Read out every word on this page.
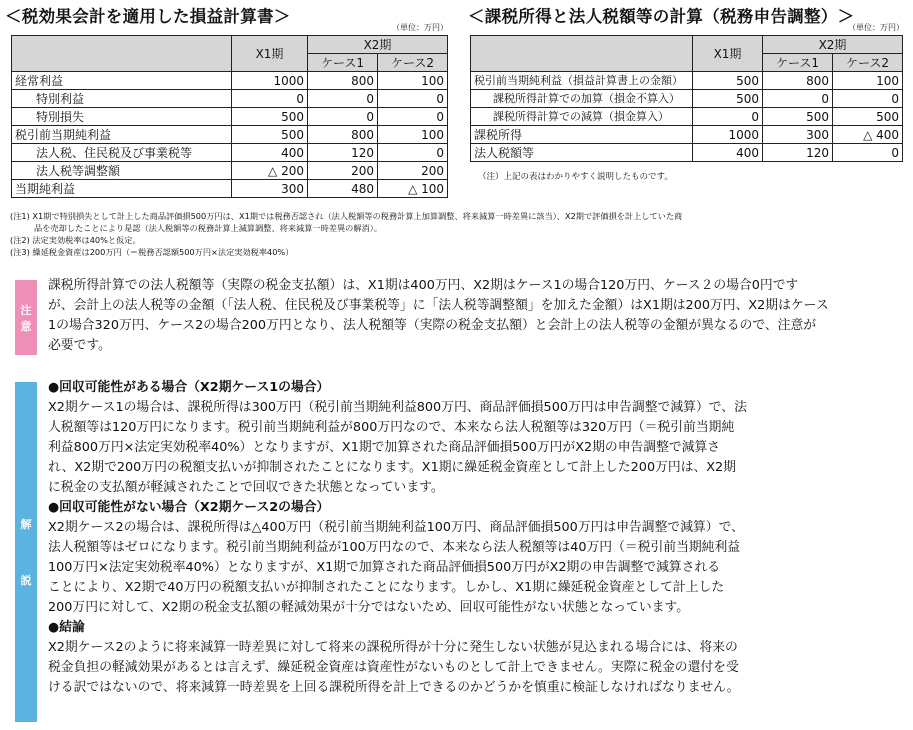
＜税効果会計を適用した損益計算書＞
（単位：万円）
	X1期	X2期	
		ケース1	ケース2
経常利益	1000	800	100
特別利益	0	0	0
特別損失	500	0	0
税引前当期純利益	500	800	100
法人税、住民税及び事業税等	400	120	0
法人税等調整額	△ 200	200	200
当期純利益	300	480	△ 100
＜課税所得と法人税額等の計算（税務申告調整）＞
（単位：万円）
	X1期	X2期	
		ケース1	ケース2
税引前当期純利益（損益計算書上の金額）	500	800	100
課税所得計算での加算（損金不算入）	500	0	0
課税所得計算での減算（損金算入）	0	500	500
課税所得	1000	300	△ 400
法人税額等	400	120	0
（注）上記の表はわかりやすく説明したものです。
(注1) X1期で特別損失として計上した商品評価損500万円は、X1期では税務否認され（法人税額等の税務計算上加算調整、将来減算一時差異に該当）、X2期で評価損を計上していた商
品を売却したことにより是認（法人税額等の税務計算上減算調整、将来減算一時差異の解消）。
(注2) 法定実効税率は40%と仮定。
(注3) 繰延税金資産は200万円（＝税務否認額500万円×法定実効税率40%）
注
意

課税所得計算での法人税額等（実際の税金支払額）は、X1期は400万円、X2期はケース1の場合120万円、ケース２の場合0円です

が、会計上の法人税等の金額（「法人税、住民税及び事業税等」に「法人税等調整額」を加えた金額）はX1期は200万円、X2期はケース

1の場合320万円、ケース2の場合200万円となり、法人税額等（実際の税金支払額）と会計上の法人税等の金額が異なるので、注意が

必要です。

解
説

●回収可能性がある場合（X2期ケース1の場合）

X2期ケース1の場合は、課税所得は300万円（税引前当期純利益800万円、商品評価損500万円は申告調整で減算）で、法

人税額等は120万円になります。税引前当期純利益が800万円なので、本来なら法人税額等は320万円（＝税引前当期純

利益800万円×法定実効税率40%）となりますが、X1期で加算された商品評価損500万円がX2期の申告調整で減算さ

れ、X2期で200万円の税額支払いが抑制されたことになります。X1期に繰延税金資産として計上した200万円は、X2期

に税金の支払額が軽減されたことで回収できた状態となっています。

●回収可能性がない場合（X2期ケース2の場合）

X2期ケース2の場合は、課税所得は△400万円（税引前当期純利益100万円、商品評価損500万円は申告調整で減算）で、

法人税額等はゼロになります。税引前当期純利益が100万円なので、本来なら法人税額等は40万円（＝税引前当期純利益

100万円×法定実効税率40%）となりますが、X1期で加算された商品評価損500万円がX2期の申告調整で減算される

ことにより、X2期で40万円の税額支払いが抑制されたことになります。しかし、X1期に繰延税金資産として計上した

200万円に対して、X2期の税金支払額の軽減効果が十分ではないため、回収可能性がない状態となっています。

●結論

X2期ケース2のように将来減算一時差異に対して将来の課税所得が十分に発生しない状態が見込まれる場合には、将来の

税金負担の軽減効果があるとは言えず、繰延税金資産は資産性がないものとして計上できません。実際に税金の還付を受

ける訳ではないので、将来減算一時差異を上回る課税所得を計上できるのかどうかを慎重に検証しなければなりません。
